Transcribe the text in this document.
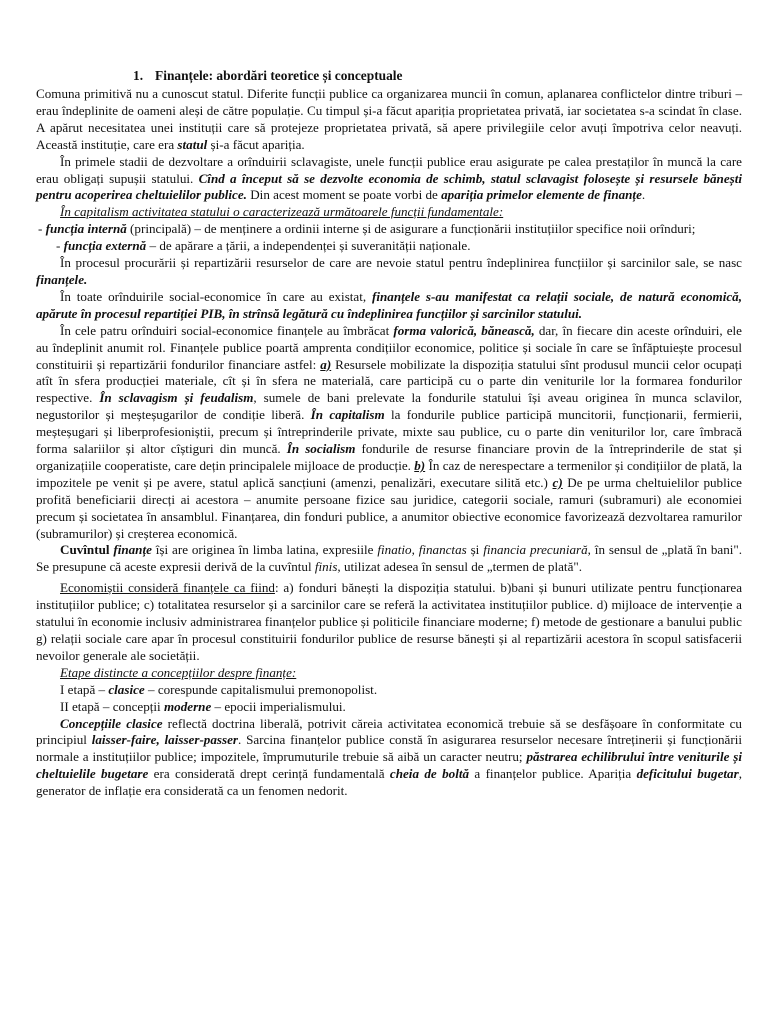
1. Finanțele: abordări teoretice și conceptuale

Comuna primitivă nu a cunoscut statul. Diferite funcții publice ca organizarea muncii în comun, aplanarea conflictelor dintre triburi – erau îndeplinite de oameni aleși de către populație. Cu timpul și-a făcut apariția proprietatea privată, iar societatea s-a scindat în clase. A apărut necesitatea unei instituții care să protejeze proprietatea privată, să apere privilegiile celor avuți împotriva celor neavuți. Această instituție, care era statul și-a făcut apariția.

În primele stadii de dezvoltare a orînduirii sclavagiste, unele funcții publice erau asigurate pe calea prestaților în muncă la care erau obligați supușii statului. Cînd a început să se dezvolte economia de schimb, statul sclavagist folosește și resursele bănești pentru acoperirea cheltuielilor publice. Din acest moment se poate vorbi de apariția primelor elemente de finanțe.

În capitalism activitatea statului o caracterizează următoarele funcții fundamentale:

- funcția internă (principală) – de menținere a ordinii interne și de asigurare a funcționării instituțiilor specifice noii orînduri;

- funcția externă – de apărare a țării, a independenței și suveranității naționale.

În procesul procurării și repartizării resurselor de care are nevoie statul pentru îndeplinirea funcțiilor și sarcinilor sale, se nasc finanțele.

În toate orînduirile social-economice în care au existat, finanțele s-au manifestat ca relații sociale, de natură economică, apărute în procesul repartiției PIB, în strînsă legătură cu îndeplinirea funcțiilor și sarcinilor statului.

În cele patru orînduiri social-economice finanțele au îmbrăcat forma valorică, bănească, dar, în fiecare din aceste orînduiri, ele au îndeplinit anumit rol. Finanțele publice poartă amprenta condițiilor economice, politice și sociale în care se înfăptuiește procesul constituirii și repartizării fondurilor financiare astfel: a) Resursele mobilizate la dispoziția statului sînt produsul muncii celor ocupați atît în sfera producției materiale, cît și în sfera ne materială, care participă cu o parte din veniturile lor la formarea fondurilor respective. În sclavagism și feudalism, sumele de bani prelevate la fondurile statului își aveau originea în munca sclavilor, negustorilor și meșteșugarilor de condiție liberă. În capitalism la fondurile publice participă muncitorii, funcționarii, fermierii, meșteșugari și liberprofesioniștii, precum și întreprinderile private, mixte sau publice, cu o parte din veniturilor lor, care îmbracă forma salariilor și altor cîștiguri din muncă. În socialism fondurile de resurse financiare provin de la întreprinderile de stat și organizațiile cooperatiste, care dețin principalele mijloace de producție. b) În caz de nerespectare a termenilor și condițiilor de plată, la impozitele pe venit și pe avere, statul aplică sancțiuni (amenzi, penalizări, executare silită etc.) c) De pe urma cheltuielilor publice profită beneficiarii direcți ai acestora – anumite persoane fizice sau juridice, categorii sociale, ramuri (subramuri) ale economiei precum și societatea în ansamblul. Finanțarea, din fonduri publice, a anumitor obiective economice favorizează dezvoltarea ramurilor (subramurilor) și creșterea economică.

Cuvîntul finanțe își are originea în limba latina, expresiile finatio, financtas și financia precuniară, în sensul de „plată în bani". Se presupune că aceste expresii derivă de la cuvîntul finis, utilizat adesea în sensul de „termen de plată".

Economiștii consideră finanțele ca fiind: a) fonduri bănești la dispoziția statului. b)bani și bunuri utilizate pentru funcționarea instituțiilor publice; c) totalitatea resurselor și a sarcinilor care se referă la activitatea instituțiilor publice. d) mijloace de intervenție a statului în economie inclusiv administrarea finanțelor publice și politicile financiare moderne; f) metode de gestionare a banului public g) relații sociale care apar în procesul constituirii fondurilor publice de resurse bănești și al repartizării acestora în scopul satisfacerii nevoilor generale ale societății.

Etape distincte a concepțiilor despre finanțe:

I etapă – clasice – corespunde capitalismului premonopolist.

II etapă – concepții moderne – epocii imperialismului.

Concepțiile clasice reflectă doctrina liberală, potrivit căreia activitatea economică trebuie să se desfășoare în conformitate cu principiul laisser-faire, laisser-passer. Sarcina finanțelor publice constă în asigurarea resurselor necesare întreținerii și funcționării normale a instituțiilor publice; impozitele, împrumuturile trebuie să aibă un caracter neutru; păstrarea echilibrului între veniturile și cheltuielile bugetare era considerată drept cerință fundamentală cheia de boltă a finanțelor publice. Apariția deficitului bugetar, generator de inflație era considerată ca un fenomen nedorit.
